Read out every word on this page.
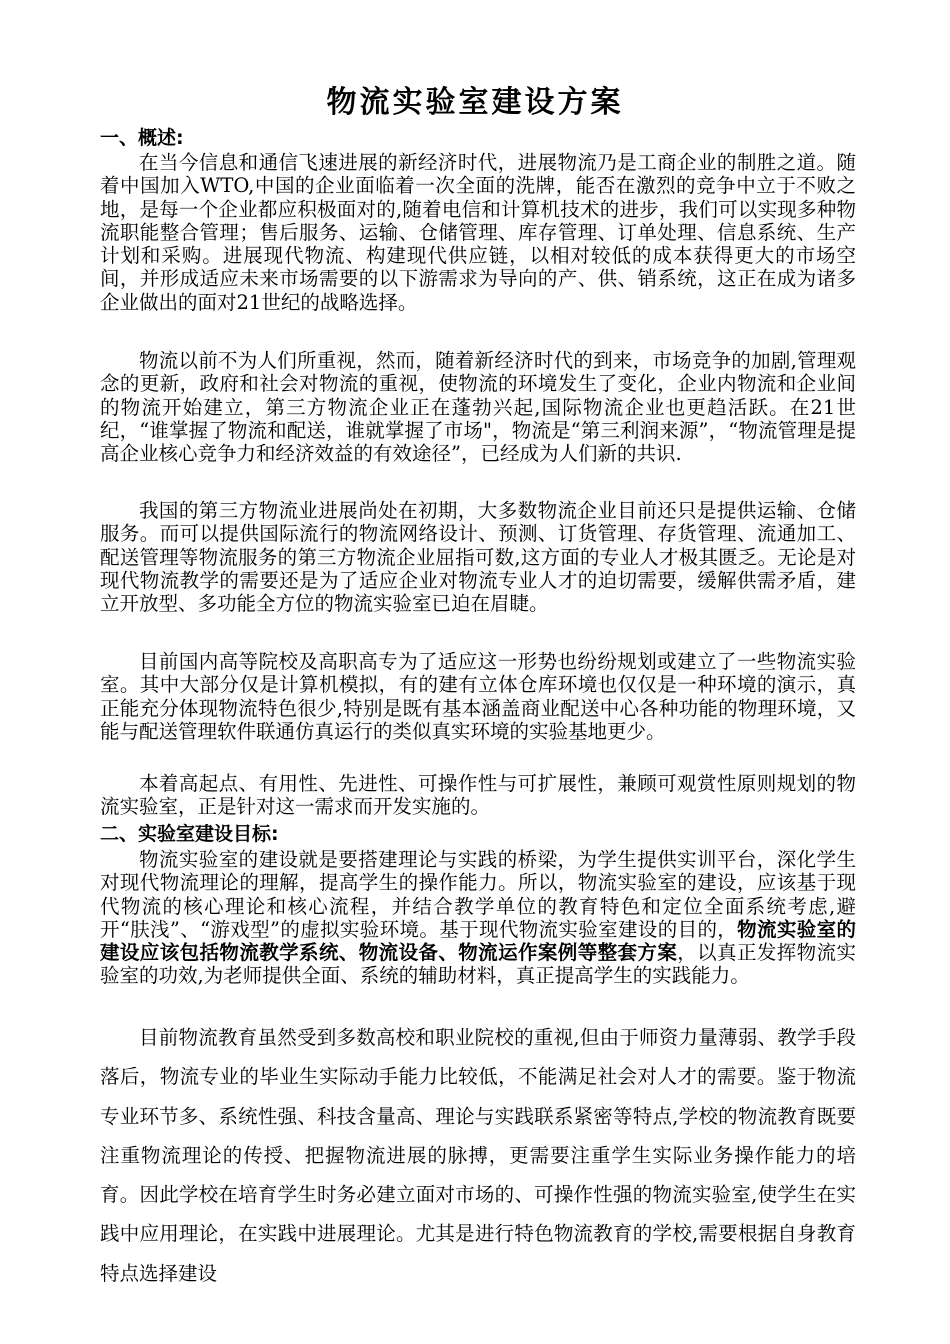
物流实验室建设方案
一、概述:

在当今信息和通信飞速进展的新经济时代，进展物流乃是工商企业的制胜之道。随着中国加入WTO,中国的企业面临着一次全面的洗牌，能否在激烈的竞争中立于不败之地，是每一个企业都应积极面对的,随着电信和计算机技术的进步，我们可以实现多种物流职能整合管理；售后服务、运输、仓储管理、库存管理、订单处理、信息系统、生产计划和采购。进展现代物流、构建现代供应链，以相对较低的成本获得更大的市场空间，并形成适应未来市场需要的以下游需求为导向的产、供、销系统，这正在成为诸多企业做出的面对21世纪的战略选择。

物流以前不为人们所重视，然而，随着新经济时代的到来，市场竞争的加剧,管理观念的更新，政府和社会对物流的重视，使物流的环境发生了变化，企业内物流和企业间的物流开始建立，第三方物流企业正在蓬勃兴起,国际物流企业也更趋活跃。在21世纪，“谁掌握了物流和配送，谁就掌握了市场"，物流是“第三利润来源”，“物流管理是提高企业核心竞争力和经济效益的有效途径”，已经成为人们新的共识.

我国的第三方物流业进展尚处在初期，大多数物流企业目前还只是提供运输、仓储服务。而可以提供国际流行的物流网络设计、预测、订货管理、存货管理、流通加工、配送管理等物流服务的第三方物流企业屈指可数,这方面的专业人才极其匮乏。无论是对现代物流教学的需要还是为了适应企业对物流专业人才的迫切需要，缓解供需矛盾，建立开放型、多功能全方位的物流实验室已迫在眉睫。

目前国内高等院校及高职高专为了适应这一形势也纷纷规划或建立了一些物流实验室。其中大部分仅是计算机模拟，有的建有立体仓库环境也仅仅是一种环境的演示，真正能充分体现物流特色很少,特别是既有基本涵盖商业配送中心各种功能的物理环境，又能与配送管理软件联通仿真运行的类似真实环境的实验基地更少。

本着高起点、有用性、先进性、可操作性与可扩展性，兼顾可观赏性原则规划的物流实验室，正是针对这一需求而开发实施的。

二、实验室建设目标:

物流实验室的建设就是要搭建理论与实践的桥梁，为学生提供实训平台，深化学生对现代物流理论的理解，提高学生的操作能力。所以，物流实验室的建设，应该基于现代物流的核心理论和核心流程，并结合教学单位的教育特色和定位全面系统考虑,避开“肤浅”、“游戏型”的虚拟实验环境。基于现代物流实验室建设的目的，物流实验室的建设应该包括物流教学系统、物流设备、物流运作案例等整套方案，以真正发挥物流实验室的功效,为老师提供全面、系统的辅助材料，真正提高学生的实践能力。

目前物流教育虽然受到多数高校和职业院校的重视,但由于师资力量薄弱、教学手段落后，物流专业的毕业生实际动手能力比较低，不能满足社会对人才的需要。鉴于物流专业环节多、系统性强、科技含量高、理论与实践联系紧密等特点,学校的物流教育既要注重物流理论的传授、把握物流进展的脉搏，更需要注重学生实际业务操作能力的培育。因此学校在培育学生时务必建立面对市场的、可操作性强的物流实验室,使学生在实践中应用理论，在实践中进展理论。尤其是进行特色物流教育的学校,需要根据自身教育特点选择建设
